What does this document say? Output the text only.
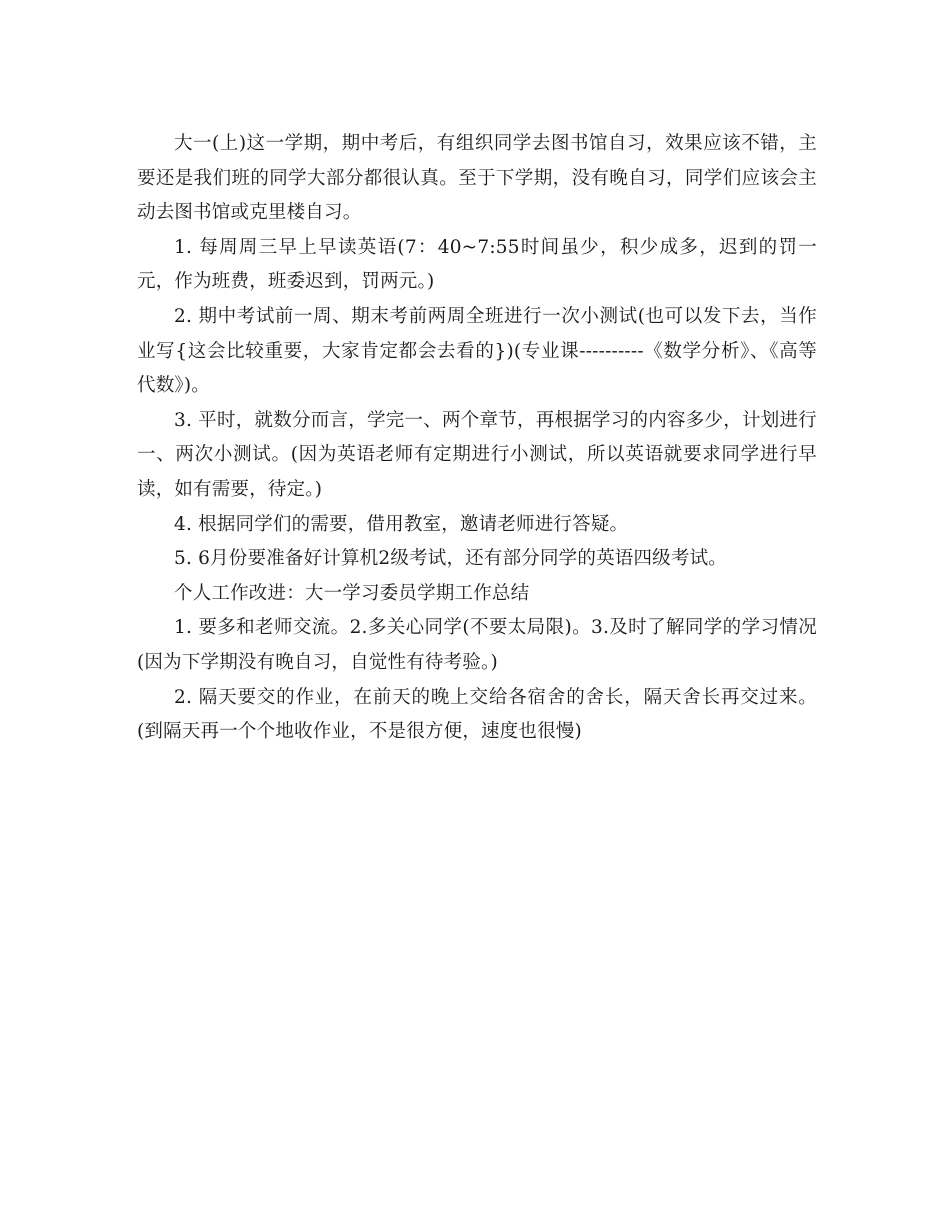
大一(上)这一学期，期中考后，有组织同学去图书馆自习，效果应该不错，主要还是我们班的同学大部分都很认真。至于下学期，没有晚自习，同学们应该会主动去图书馆或克里楼自习。

1. 每周周三早上早读英语(7：40~7:55时间虽少，积少成多，迟到的罚一元，作为班费，班委迟到，罚两元。)

2. 期中考试前一周、期末考前两周全班进行一次小测试(也可以发下去，当作业写{这会比较重要，大家肯定都会去看的})(专业课----------《数学分析》、《高等代数》)。

3. 平时，就数分而言，学完一、两个章节，再根据学习的内容多少，计划进行一、两次小测试。(因为英语老师有定期进行小测试，所以英语就要求同学进行早读，如有需要，待定。)

4. 根据同学们的需要，借用教室，邀请老师进行答疑。

5. 6月份要准备好计算机2级考试，还有部分同学的英语四级考试。

个人工作改进：大一学习委员学期工作总结

1. 要多和老师交流。2.多关心同学(不要太局限)。3.及时了解同学的学习情况(因为下学期没有晚自习，自觉性有待考验。)

2. 隔天要交的作业，在前天的晚上交给各宿舍的舍长，隔天舍长再交过来。(到隔天再一个个地收作业，不是很方便，速度也很慢)
